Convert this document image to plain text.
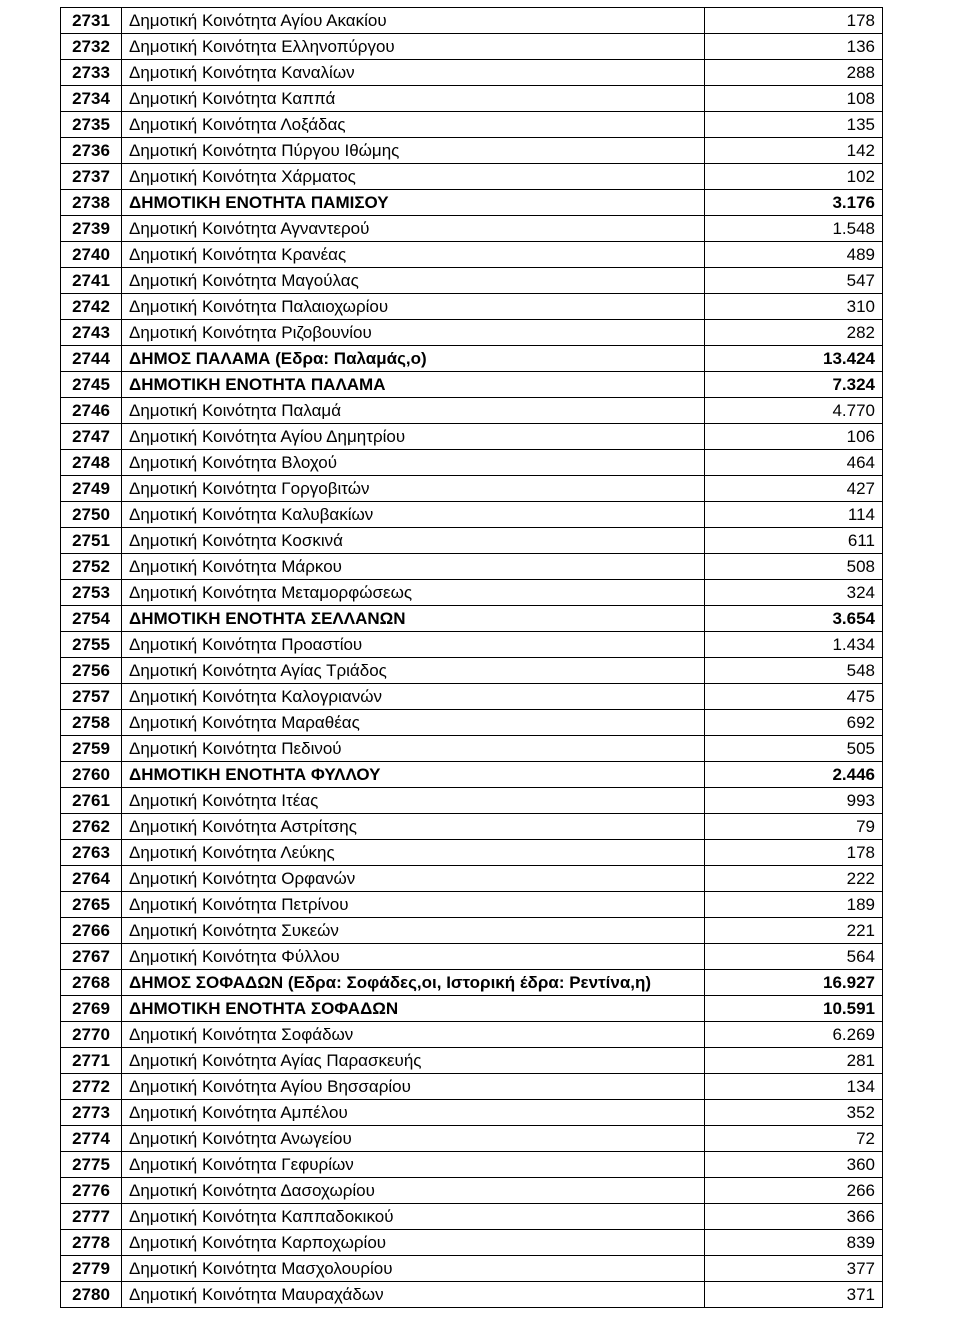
2731	Δημοτική Κοινότητα Αγίου Ακακίου	178
2732	Δημοτική Κοινότητα Ελληνοπύργου	136
2733	Δημοτική Κοινότητα Καναλίων	288
2734	Δημοτική Κοινότητα Καππά	108
2735	Δημοτική Κοινότητα Λοξάδας	135
2736	Δημοτική Κοινότητα Πύργου Ιθώμης	142
2737	Δημοτική Κοινότητα Χάρματος	102
2738	ΔΗΜΟΤΙΚΗ ΕΝΟΤΗΤΑ ΠΑΜΙΣΟΥ	3.176
2739	Δημοτική Κοινότητα Αγναντερού	1.548
2740	Δημοτική Κοινότητα Κρανέας	489
2741	Δημοτική Κοινότητα Μαγούλας	547
2742	Δημοτική Κοινότητα Παλαιοχωρίου	310
2743	Δημοτική Κοινότητα Ριζοβουνίου	282
2744	ΔΗΜΟΣ ΠΑΛΑΜΑ (Εδρα: Παλαμάς,ο)	13.424
2745	ΔΗΜΟΤΙΚΗ ΕΝΟΤΗΤΑ ΠΑΛΑΜΑ	7.324
2746	Δημοτική Κοινότητα Παλαμά	4.770
2747	Δημοτική Κοινότητα Αγίου Δημητρίου	106
2748	Δημοτική Κοινότητα Βλοχού	464
2749	Δημοτική Κοινότητα Γοργοβιτών	427
2750	Δημοτική Κοινότητα Καλυβακίων	114
2751	Δημοτική Κοινότητα Κοσκινά	611
2752	Δημοτική Κοινότητα Μάρκου	508
2753	Δημοτική Κοινότητα Μεταμορφώσεως	324
2754	ΔΗΜΟΤΙΚΗ ΕΝΟΤΗΤΑ ΣΕΛΛΑΝΩΝ	3.654
2755	Δημοτική Κοινότητα Προαστίου	1.434
2756	Δημοτική Κοινότητα Αγίας Τριάδος	548
2757	Δημοτική Κοινότητα Καλογριανών	475
2758	Δημοτική Κοινότητα Μαραθέας	692
2759	Δημοτική Κοινότητα Πεδινού	505
2760	ΔΗΜΟΤΙΚΗ ΕΝΟΤΗΤΑ ΦΥΛΛΟΥ	2.446
2761	Δημοτική Κοινότητα Ιτέας	993
2762	Δημοτική Κοινότητα Αστρίτσης	79
2763	Δημοτική Κοινότητα Λεύκης	178
2764	Δημοτική Κοινότητα Ορφανών	222
2765	Δημοτική Κοινότητα Πετρίνου	189
2766	Δημοτική Κοινότητα Συκεών	221
2767	Δημοτική Κοινότητα Φύλλου	564
2768	ΔΗΜΟΣ ΣΟΦΑΔΩΝ (Εδρα: Σοφάδες,οι, Ιστορική έδρα: Ρεντίνα,η)	16.927
2769	ΔΗΜΟΤΙΚΗ ΕΝΟΤΗΤΑ ΣΟΦΑΔΩΝ	10.591
2770	Δημοτική Κοινότητα Σοφάδων	6.269
2771	Δημοτική Κοινότητα Αγίας Παρασκευής	281
2772	Δημοτική Κοινότητα Αγίου Βησσαρίου	134
2773	Δημοτική Κοινότητα Αμπέλου	352
2774	Δημοτική Κοινότητα Ανωγείου	72
2775	Δημοτική Κοινότητα Γεφυρίων	360
2776	Δημοτική Κοινότητα Δασοχωρίου	266
2777	Δημοτική Κοινότητα Καππαδοκικού	366
2778	Δημοτική Κοινότητα Καρποχωρίου	839
2779	Δημοτική Κοινότητα Μασχολουρίου	377
2780	Δημοτική Κοινότητα Μαυραχάδων	371
